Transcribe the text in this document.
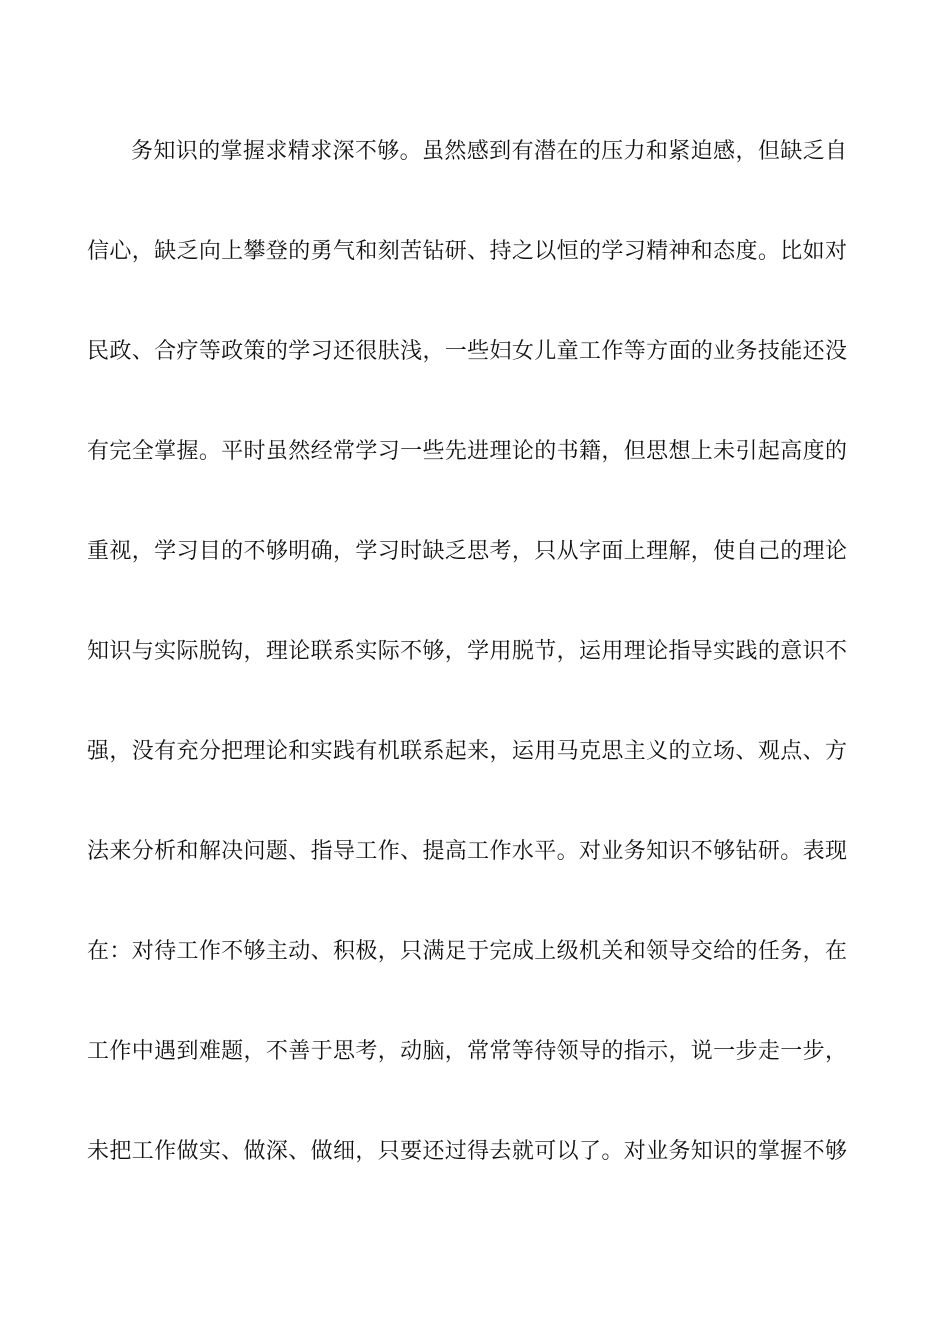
务知识的掌握求精求深不够。虽然感到有潜在的压力和紧迫感，但缺乏自
信心，缺乏向上攀登的勇气和刻苦钻研、持之以恒的学习精神和态度。比如对
民政、合疗等政策的学习还很肤浅，一些妇女儿童工作等方面的业务技能还没
有完全掌握。平时虽然经常学习一些先进理论的书籍，但思想上未引起高度的
重视，学习目的不够明确，学习时缺乏思考，只从字面上理解，使自己的理论
知识与实际脱钩，理论联系实际不够，学用脱节，运用理论指导实践的意识不
强，没有充分把理论和实践有机联系起来，运用马克思主义的立场、观点、方
法来分析和解决问题、指导工作、提高工作水平。对业务知识不够钻研。表现
在：对待工作不够主动、积极，只满足于完成上级机关和领导交给的任务，在
工作中遇到难题，不善于思考，动脑，常常等待领导的指示，说一步走一步，
未把工作做实、做深、做细，只要还过得去就可以了。对业务知识的掌握不够
